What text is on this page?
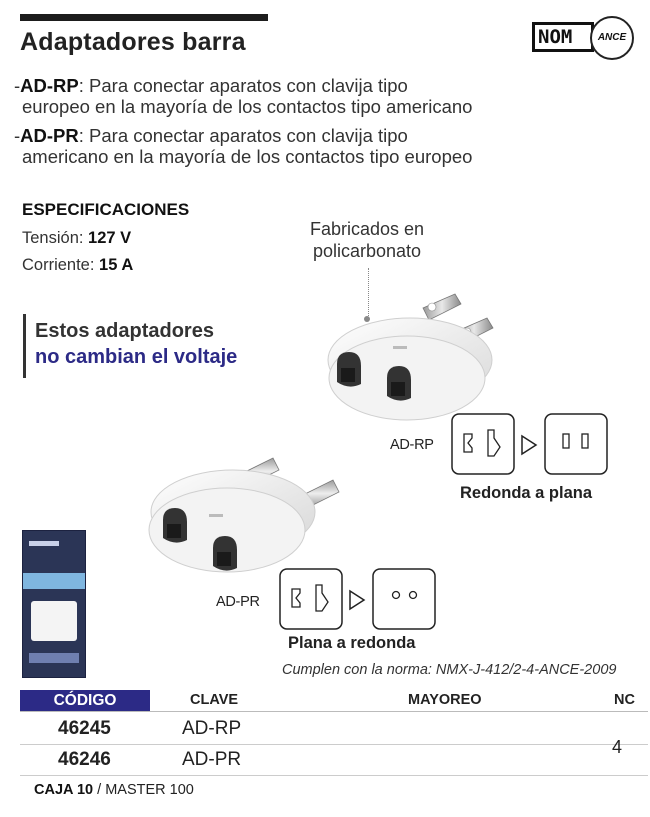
Adaptadores barra	NOM	ANCE
-AD-RP: Para conectar aparatos con clavija tipo
europeo en la mayoría de los contactos tipo americano
-AD-PR: Para conectar aparatos con clavija tipo
americano en la mayoría de los contactos tipo europeo
ESPECIFICACIONES
Tensión: 127 V
Corriente: 15 A
Fabricados en
policarbonato
Estos adaptadores
no cambian el voltaje
AD-RP
Redonda a plana
AD-PR
Plana a redonda
Cumplen con la norma: NMX-J-412/2-4-ANCE-2009
CÓDIGO	CLAVE	MAYOREO	NC
46245	AD-RP
46246	AD-PR
4
CAJA 10 / MASTER 100
